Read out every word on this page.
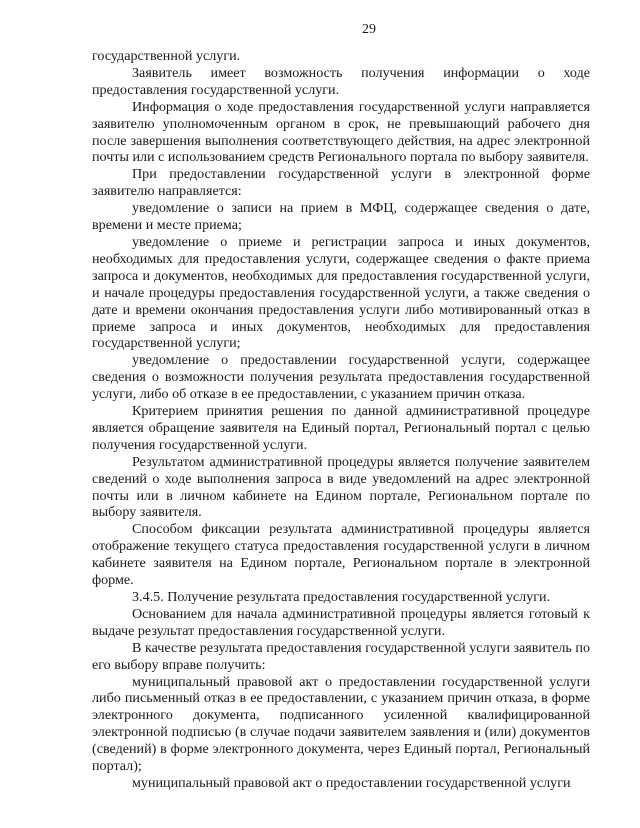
29

государственной услуги.

Заявитель имеет возможность получения информации о ходе предоставления государственной услуги.

Информация о ходе предоставления государственной услуги направляется заявителю уполномоченным органом в срок, не превышающий рабочего дня после завершения выполнения соответствующего действия, на адрес электронной почты или с использованием средств Регионального портала по выбору заявителя.

При предоставлении государственной услуги в электронной форме заявителю направляется:

уведомление о записи на прием в МФЦ, содержащее сведения о дате, времени и месте приема;

уведомление о приеме и регистрации запроса и иных документов, необходимых для предоставления услуги, содержащее сведения о факте приема запроса и документов, необходимых для предоставления государственной услуги, и начале процедуры предоставления государственной услуги, а также сведения о дате и времени окончания предоставления услуги либо мотивированный отказ в приеме запроса и иных документов, необходимых для предоставления государственной услуги;

уведомление о предоставлении государственной услуги, содержащее сведения о возможности получения результата предоставления государственной услуги, либо об отказе в ее предоставлении, с указанием причин отказа.

Критерием принятия решения по данной административной процедуре является обращение заявителя на Единый портал, Региональный портал с целью получения государственной услуги.

Результатом административной процедуры является получение заявителем сведений о ходе выполнения запроса в виде уведомлений на адрес электронной почты или в личном кабинете на Едином портале, Региональном портале по выбору заявителя.

Способом фиксации результата административной процедуры является отображение текущего статуса предоставления государственной услуги в личном кабинете заявителя на Едином портале, Региональном портале в электронной форме.

3.4.5. Получение результата предоставления государственной услуги.

Основанием для начала административной процедуры является готовый к выдаче результат предоставления государственной услуги.

В качестве результата предоставления государственной услуги заявитель по его выбору вправе получить:

муниципальный правовой акт о предоставлении государственной услуги либо письменный отказ в ее предоставлении, с указанием причин отказа, в форме электронного документа, подписанного усиленной квалифицированной электронной подписью (в случае подачи заявителем заявления и (или) документов (сведений) в форме электронного документа, через Единый портал, Региональный портал);

муниципальный правовой акт о предоставлении государственной услуги
